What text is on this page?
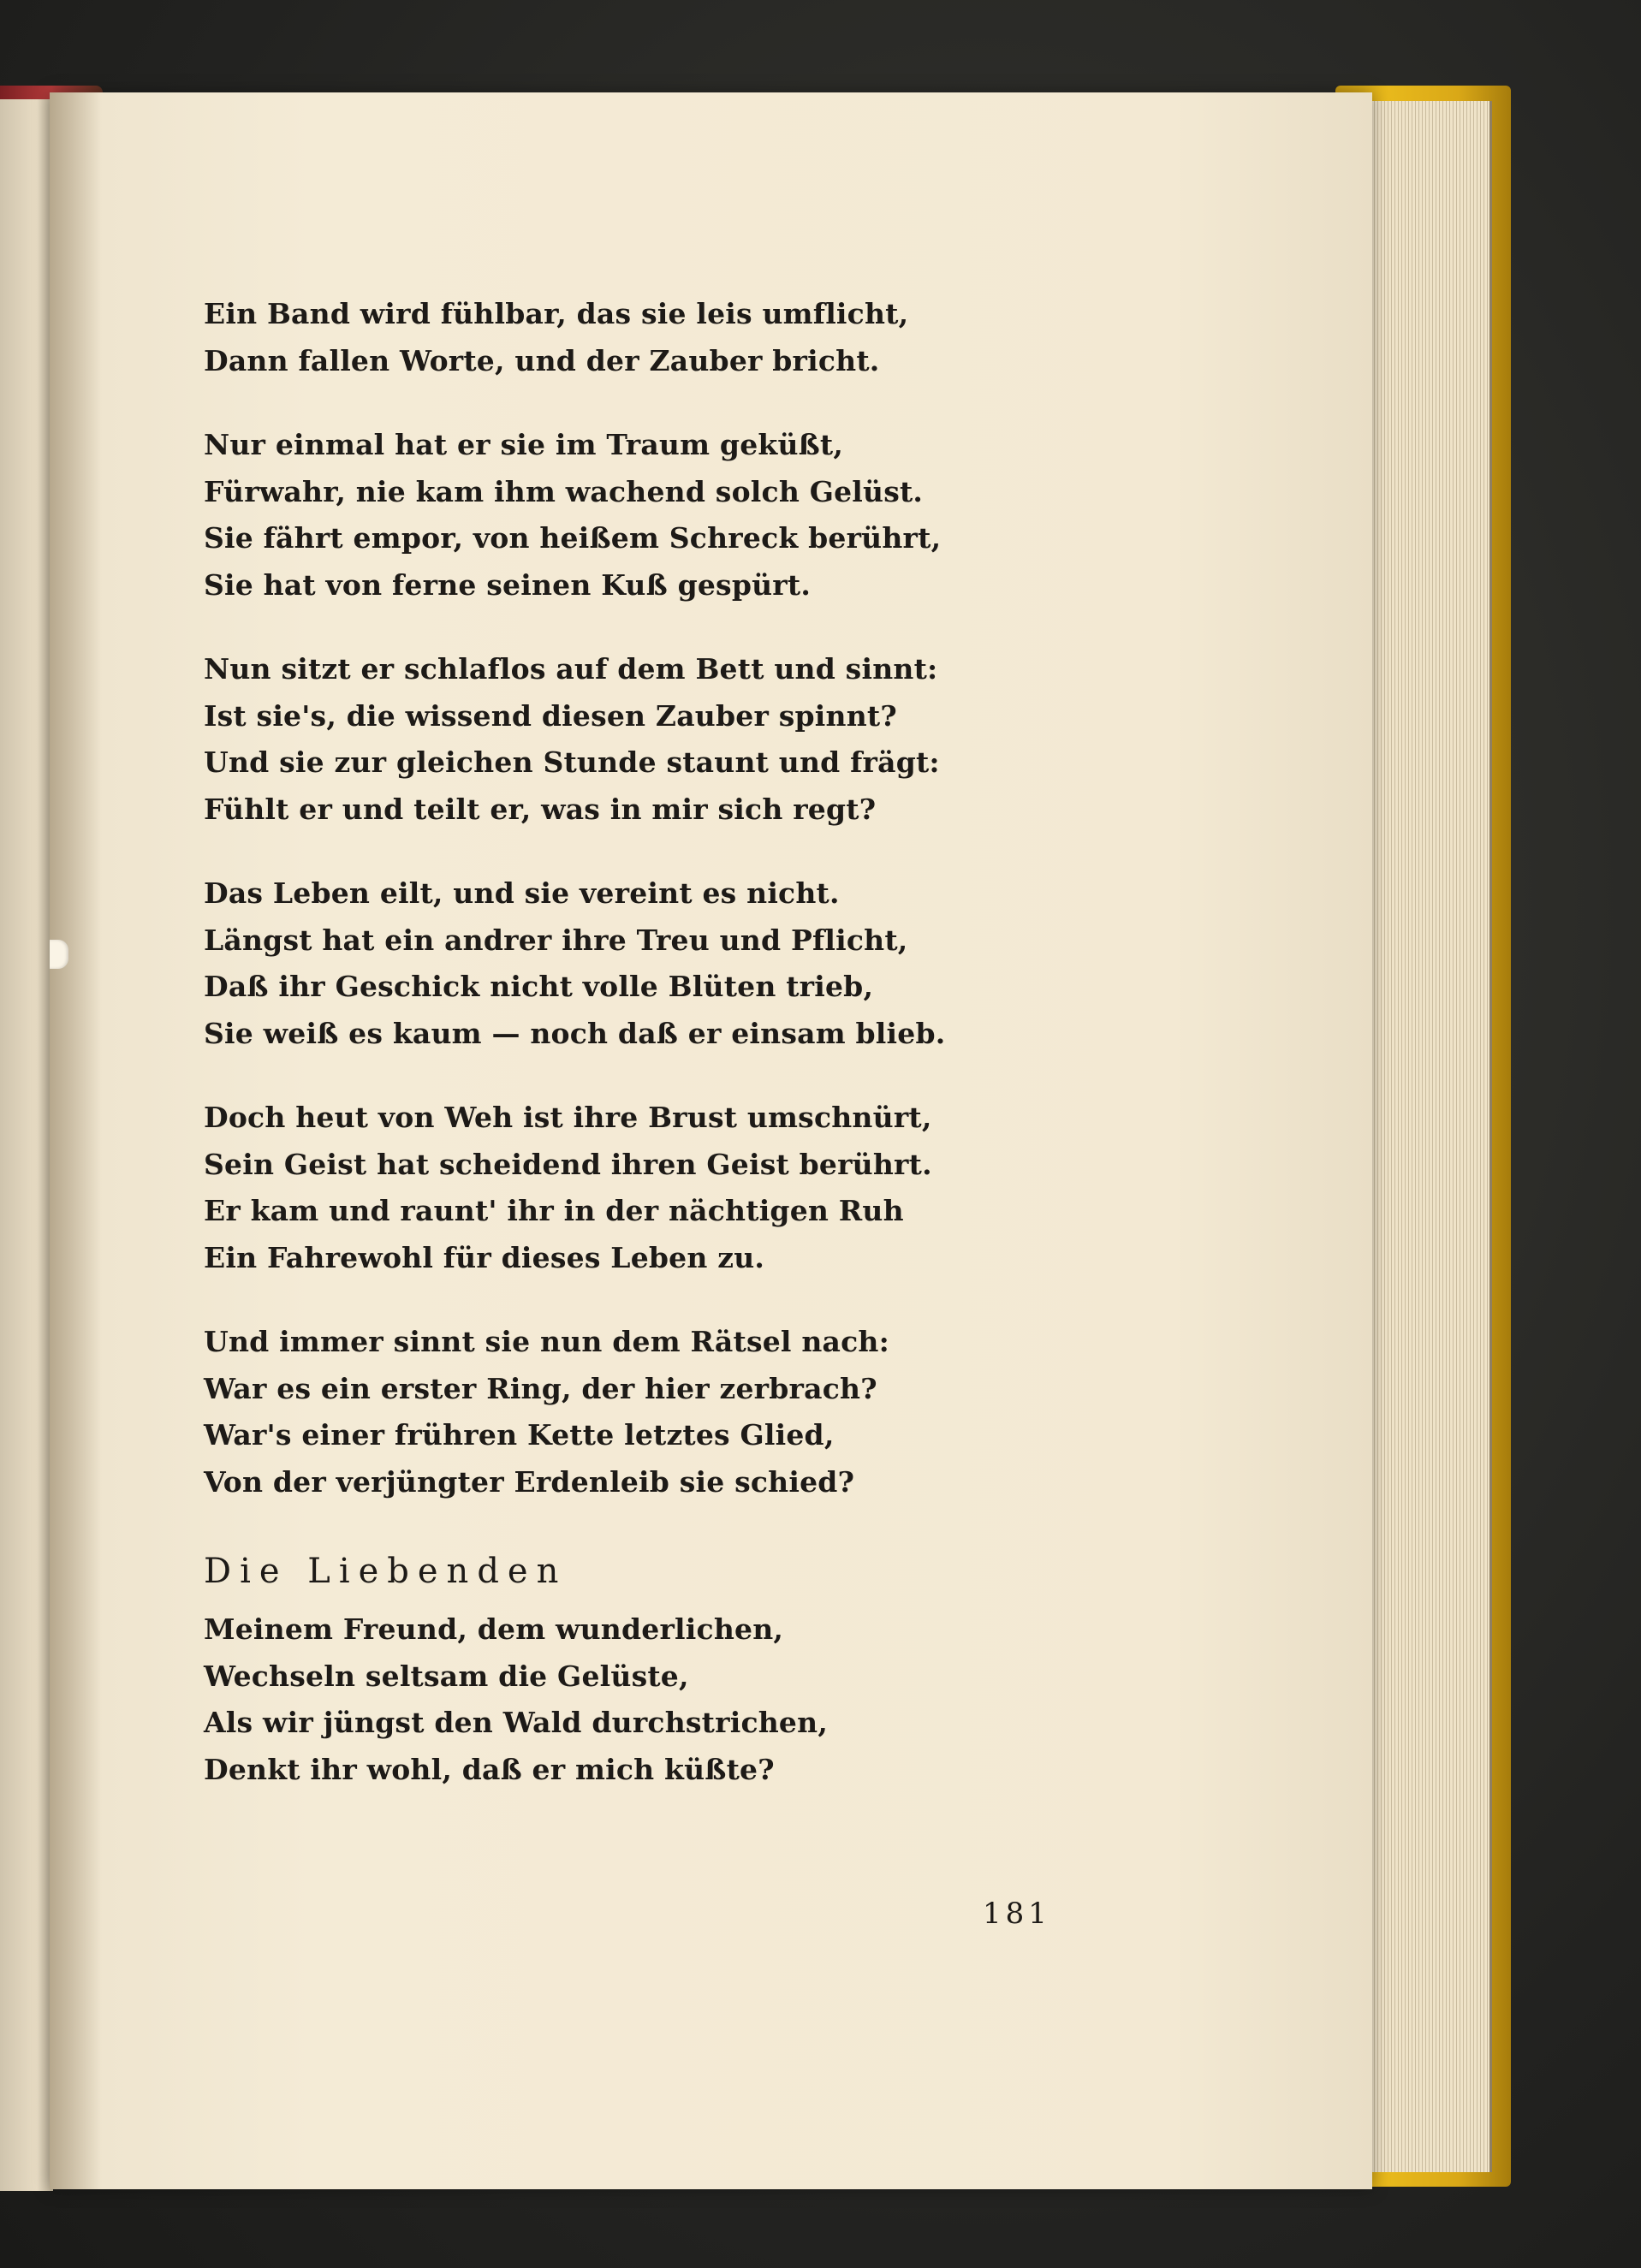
Ein Band wird fühlbar, das sie leis umflicht,
Dann fallen Worte, und der Zauber bricht.
Nur einmal hat er sie im Traum geküßt,
Fürwahr, nie kam ihm wachend solch Gelüst.
Sie fährt empor, von heißem Schreck berührt,
Sie hat von ferne seinen Kuß gespürt.
Nun sitzt er schlaflos auf dem Bett und sinnt:
Ist sie's, die wissend diesen Zauber spinnt?
Und sie zur gleichen Stunde staunt und frägt:
Fühlt er und teilt er, was in mir sich regt?
Das Leben eilt, und sie vereint es nicht.
Längst hat ein andrer ihre Treu und Pflicht,
Daß ihr Geschick nicht volle Blüten trieb,
Sie weiß es kaum — noch daß er einsam blieb.
Doch heut von Weh ist ihre Brust umschnürt,
Sein Geist hat scheidend ihren Geist berührt.
Er kam und raunt' ihr in der nächtigen Ruh
Ein Fahrewohl für dieses Leben zu.
Und immer sinnt sie nun dem Rätsel nach:
War es ein erster Ring, der hier zerbrach?
War's einer frühren Kette letztes Glied,
Von der verjüngter Erdenleib sie schied?
Die Liebenden
Meinem Freund, dem wunderlichen,
Wechseln seltsam die Gelüste,
Als wir jüngst den Wald durchstrichen,
Denkt ihr wohl, daß er mich küßte?
181
